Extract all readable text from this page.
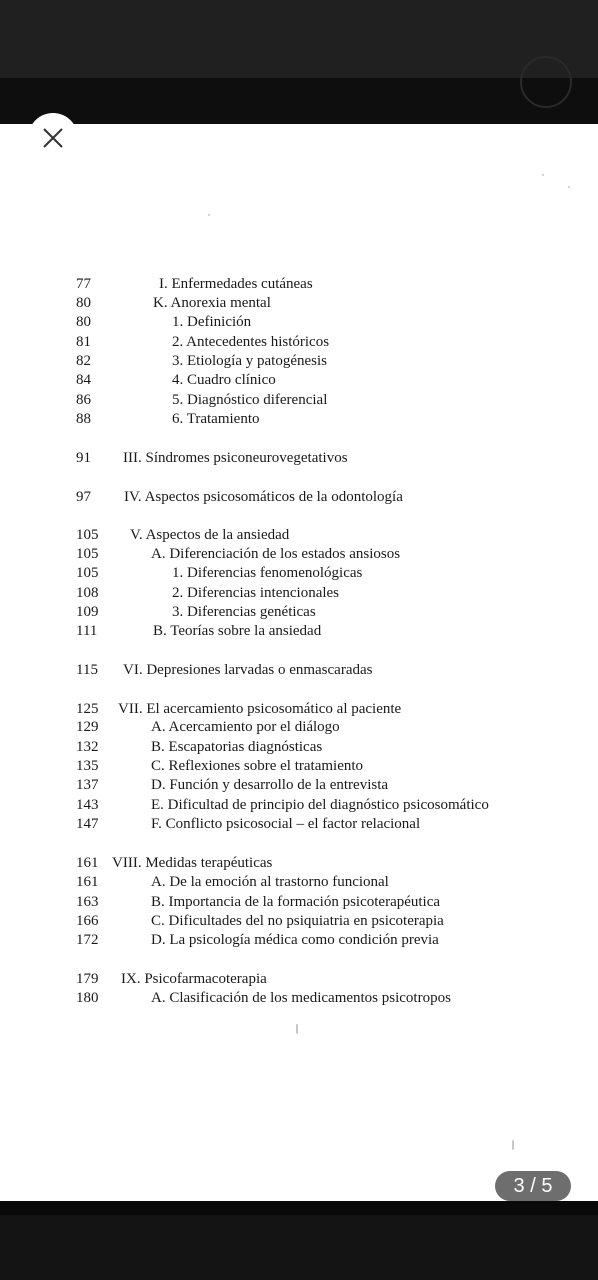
77	I. Enfermedades cutáneas
80	K. Anorexia mental
80	1. Definición
81	2. Antecedentes históricos
82	3. Etiología y patogénesis
84	4. Cuadro clínico
86	5. Diagnóstico diferencial
88	6. Tratamiento
91 III. Síndromes psiconeurovegetativos
97 IV. Aspectos psicosomáticos de la odontología
105 V. Aspectos de la ansiedad
105	A. Diferenciación de los estados ansiosos
105	1. Diferencias fenomenológicas
108	2. Diferencias intencionales
109	3. Diferencias genéticas
111	B. Teorías sobre la ansiedad
115 VI. Depresiones larvadas o enmascaradas
125 VII. El acercamiento psicosomático al paciente
129	A. Acercamiento por el diálogo
132	B. Escapatorias diagnósticas
135	C. Reflexiones sobre el tratamiento
137	D. Función y desarrollo de la entrevista
143	E. Dificultad de principio del diagnóstico psicosomático
147	F. Conflicto psicosocial – el factor relacional
161 VIII. Medidas terapéuticas
161	A. De la emoción al trastorno funcional
163	B. Importancia de la formación psicoterapéutica
166	C. Dificultades del no psiquiatria en psicoterapia
172	D. La psicología médica como condición previa
179 IX. Psicofarmacoterapia
180	A. Clasificación de los medicamentos psicotropos
3 / 5
